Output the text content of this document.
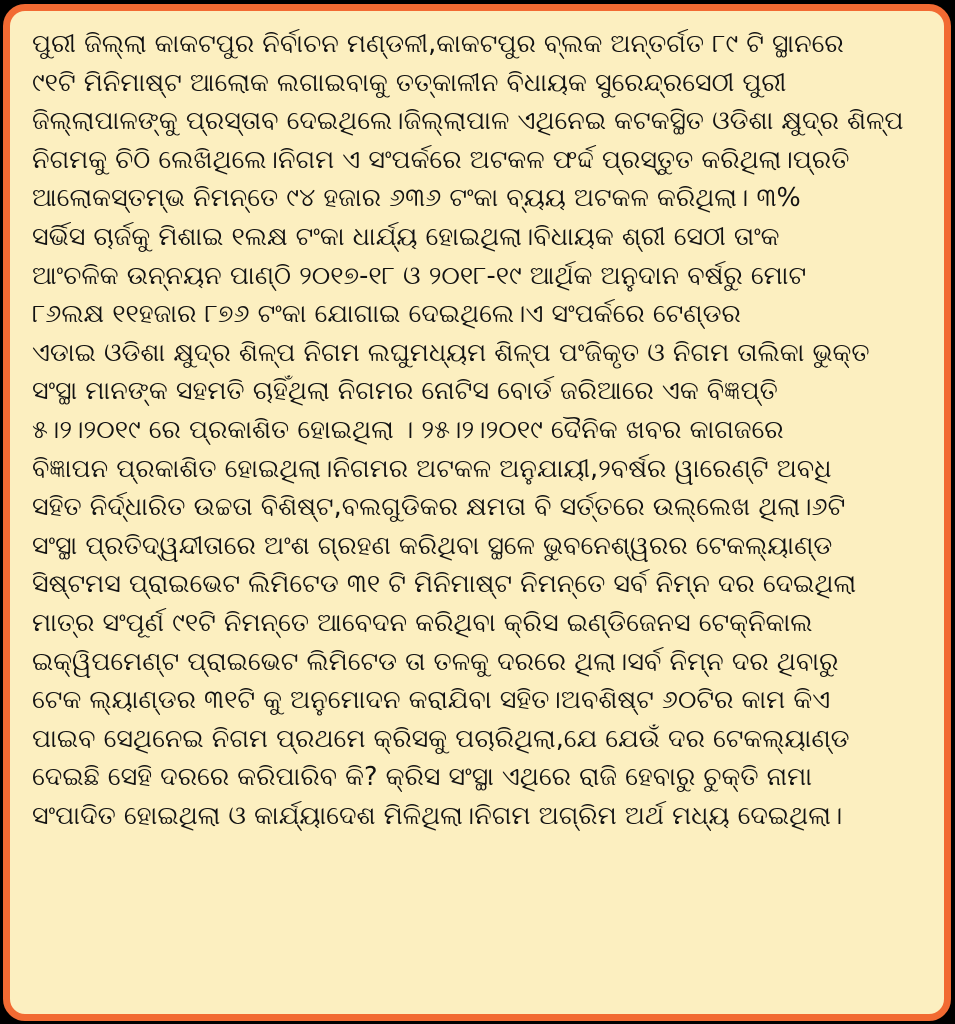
ପୁରୀ ଜିଲ୍ଲା କାକଟପୁର ନିର୍ବାଚନ ମଣ୍ଡଳୀ,କାକଟପୁର ବ୍ଲକ ଅନ୍ତର୍ଗତ ୮୯ ଟି ସ୍ଥାନରେ
୯୧ଟି ମିନିମାଷ୍ଟ ଆଲୋକ ଲଗାଇବାକୁ ତତ୍କାଳୀନ ବିଧାୟକ ସୁରେନ୍ଦ୍ରସେଠୀ ପୁରୀ
ଜିଲ୍ଲାପାଳଙ୍କୁ ପ୍ରସ୍ତାବ ଦେଇଥିଲେ।ଜିଲ୍ଲାପାଳ ଏଥିନେଇ କଟକସ୍ଥିତ ଓଡିଶା କ୍ଷୁଦ୍ର ଶିଳ୍ପ
ନିଗମକୁ ଚିଠି ଲେଖିଥିଲେ।ନିଗମ ଏ ସଂପର୍କରେ ଅଟକଳ ଫର୍ଦ୍ଦ ପ୍ରସ୍ତୁତ କରିଥିଲା।ପ୍ରତି
ଆଲୋକସ୍ତମ୍ଭ ନିମନ୍ତେ ୯୪ ହଜାର ୬୩୬ ଟଂକା ବ୍ୟୟ ଅଟକଳ କରିଥିଲା। ୩%
ସର୍ଭିସ ଚାର୍ଜକୁ ମିଶାଇ ୧ଲକ୍ଷ ଟଂକା ଧାର୍ଯ୍ୟ ହୋଇଥିଲା।ବିଧାୟକ ଶ୍ରୀ ସେଠୀ ତାଂକ
ଆଂଚଳିକ ଉନ୍ନୟନ ପାଣ୍ଠି ୨୦୧୭-୧୮ ଓ ୨୦୧୮-୧୯ ଆର୍ଥିକ ଅନୁଦାନ ବର୍ଷରୁ ମୋଟ
୮୬ଲକ୍ଷ ୧୧ହଜାର ୮୭୬ ଟଂକା ଯୋଗାଇ ଦେଇଥିଲେ।ଏ ସଂପର୍କରେ ଟେଣ୍ଡର
ଏଡାଇ ଓଡିଶା କ୍ଷୁଦ୍ର ଶିଳ୍ପ ନିଗମ ଲଘୁମଧ୍ୟମ ଶିଳ୍ପ ପଂଜିକୃତ ଓ ନିଗମ ତାଲିକା ଭୁକ୍ତ
ସଂସ୍ଥା ମାନଙ୍କ ସହମତି ଚାହିଁଥିଲା ନିଗମର ନୋଟିସ ବୋର୍ଡ ଜରିଆରେ ଏକ ବିଜ୍ଞପ୍ତି
୫।୨।୨୦୧୯ ରେ ପ୍ରକାଶିତ ହୋଇଥିଲା । ୨୫।୨।୨୦୧୯ ଦୈନିକ ଖବର କାଗଜରେ
ବିଜ୍ଞାପନ ପ୍ରକାଶିତ ହୋଇଥିଲା।ନିଗମର ଅଟକଳ ଅନୁଯାୟୀ,୨ବର୍ଷର ୱାରେଣ୍ଟି ଅବଧି
ସହିତ ନିର୍ଦ୍ଧାରିତ ଉଚ୍ଚତା ବିଶିଷ୍ଟ,ବଲଗୁଡିକର କ୍ଷମତା ବି ସର୍ତ୍ତରେ ଉଲ୍ଲେଖ ଥିଲା।୬ଟି
ସଂସ୍ଥା ପ୍ରତିଦ୍ୱନ୍ଦୀତାରେ ଅଂଶ ଗ୍ରହଣ କରିଥିବା ସ୍ଥଳେ ଭୁବନେଶ୍ୱରର ଟେକଲ୍ୟାଣ୍ଡ
ସିଷ୍ଟମସ ପ୍ରାଇଭେଟ ଲିମିଟେଡ ୩୧ ଟି ମିନିମାଷ୍ଟ ନିମନ୍ତେ ସର୍ବ ନିମ୍ନ ଦର ଦେଇଥିଲା
ମାତ୍ର ସଂପୂର୍ଣ ୯୧ଟି ନିମନ୍ତେ ଆବେଦନ କରିଥିବା କ୍ରିସ ଇଣ୍ଡିଜେନସ ଟେକ୍ନିକାଲ
ଇକ୍ୱିପମେଣ୍ଟ ପ୍ରାଇଭେଟ ଲିମିଟେଡ ତା ତଳକୁ ଦରରେ ଥିଲା।ସର୍ବ ନିମ୍ନ ଦର ଥିବାରୁ
ଟେକ ଲ୍ୟାଣ୍ଡର ୩୧ଟି କୁ ଅନୁମୋଦନ କରାଯିବା ସହିତ।ଅବଶିଷ୍ଟ ୬୦ଟିର କାମ କିଏ
ପାଇବ ସେଥିନେଇ ନିଗମ ପ୍ରଥମେ କ୍ରିସକୁ ପଚାରିଥିଲା,ଯେ ଯେଉଁ ଦର ଟେକଲ୍ୟାଣ୍ଡ
ଦେଇଛି ସେହି ଦରରେ କରିପାରିବ କି? କ୍ରିସ ସଂସ୍ଥା ଏଥିରେ ରାଜି ହେବାରୁ ଚୁକ୍ତି ନାମା
ସଂପାଦିତ ହୋଇଥିଲା ଓ କାର୍ଯ୍ୟାଦେଶ ମିଳିଥିଲା।ନିଗମ ଅଗ୍ରିମ ଅର୍ଥ ମଧ୍ୟ ଦେଇଥିଲା।
